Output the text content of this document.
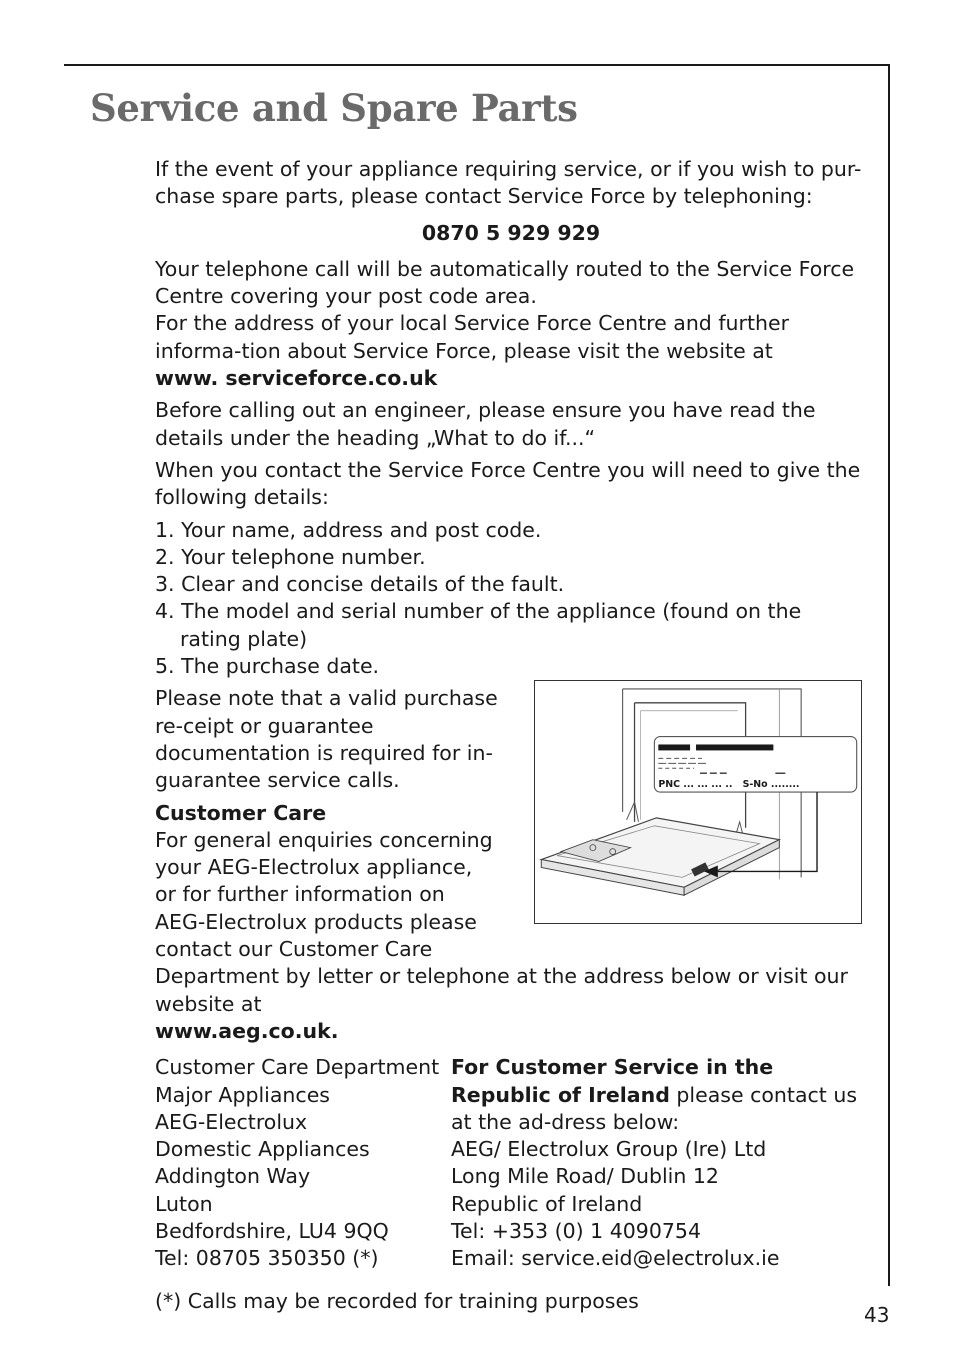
Service and Spare Parts

If the event of your appliance requiring service, or if you wish to pur-chase spare parts, please contact Service Force by telephoning:

0870 5 929 929

Your telephone call will be automatically routed to the Service Force Centre covering your post code area.

For the address of your local Service Force Centre and further informa-tion about Service Force, please visit the website at

www. serviceforce.co.uk

Before calling out an engineer, please ensure you have read the details under the heading „What to do if...“

When you contact the Service Force Centre you will need to give the following details:

1. Your name, address and post code.
2. Your telephone number.
3. Clear and concise details of the fault.
4. The model and serial number of the appliance (found on the rating plate)
5. The purchase date.
PNC ... ... ... .. S-No ........

Please note that a valid purchase re-ceipt or guarantee documentation is required for in-guarantee service calls.

Customer Care

For general enquiries concerning your AEG-Electrolux appliance, or for further information on AEG-Electrolux products please contact our Customer Care Department by letter or telephone at the address below or visit our website at

www.aeg.co.uk.

Customer Care Department

Major Appliances

AEG-Electrolux

Domestic Appliances

Addington Way

Luton

Bedfordshire, LU4 9QQ

Tel: 08705 350350 (*)

For Customer Service in the Republic of Ireland please contact us at the ad-dress below:

AEG/ Electrolux Group (Ire) Ltd

Long Mile Road/ Dublin 12

Republic of Ireland

Tel: +353 (0) 1 4090754

Email: service.eid@electrolux.ie

(*) Calls may be recorded for training purposes

43
